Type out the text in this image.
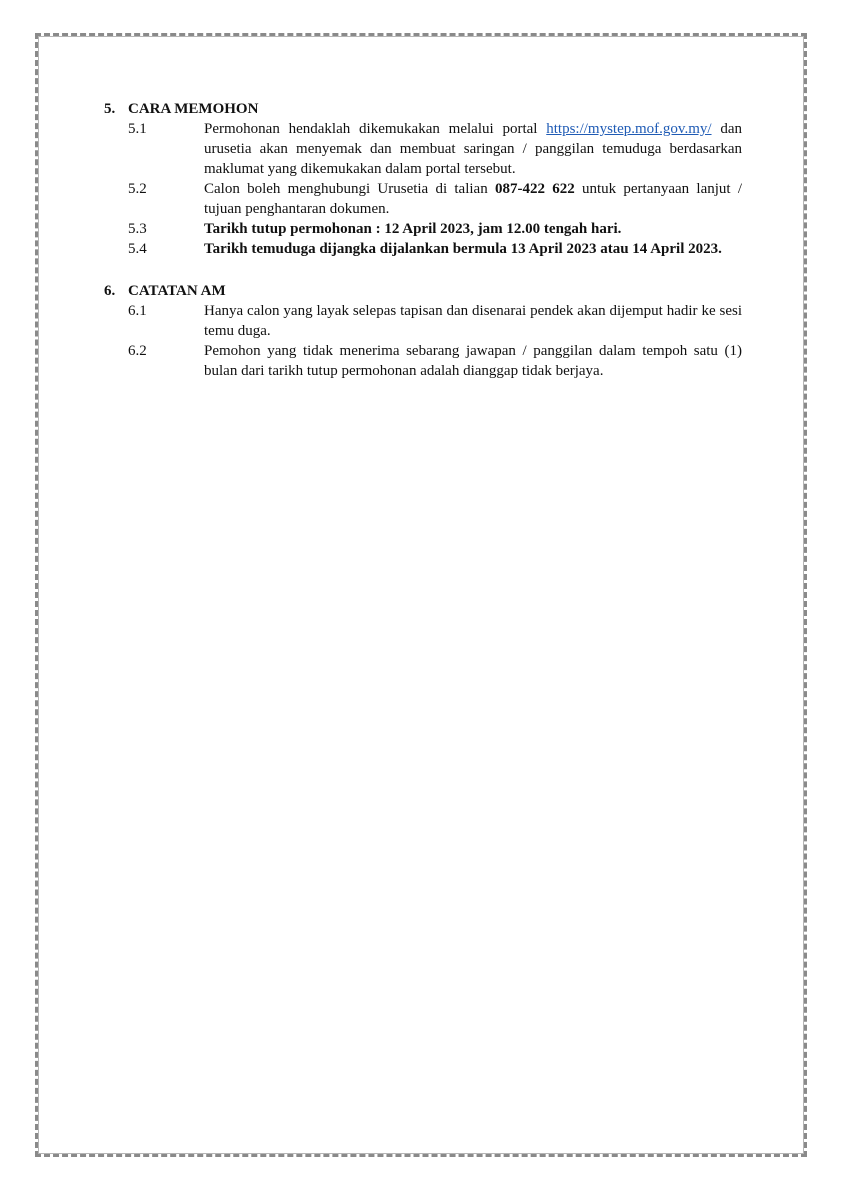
5. CARA MEMOHON
5.1	Permohonan hendaklah dikemukakan melalui portal https://mystep.mof.gov.my/ dan urusetia akan menyemak dan membuat saringan / panggilan temuduga berdasarkan maklumat yang dikemukakan dalam portal tersebut.
5.2	Calon boleh menghubungi Urusetia di talian 087-422 622 untuk pertanyaan lanjut / tujuan penghantaran dokumen.
5.3	Tarikh tutup permohonan : 12 April 2023, jam 12.00 tengah hari.
5.4	Tarikh temuduga dijangka dijalankan bermula 13 April 2023 atau 14 April 2023.
6. CATATAN AM
6.1	Hanya calon yang layak selepas tapisan dan disenarai pendek akan dijemput hadir ke sesi temu duga.
6.2	Pemohon yang tidak menerima sebarang jawapan / panggilan dalam tempoh satu (1) bulan dari tarikh tutup permohonan adalah dianggap tidak berjaya.
